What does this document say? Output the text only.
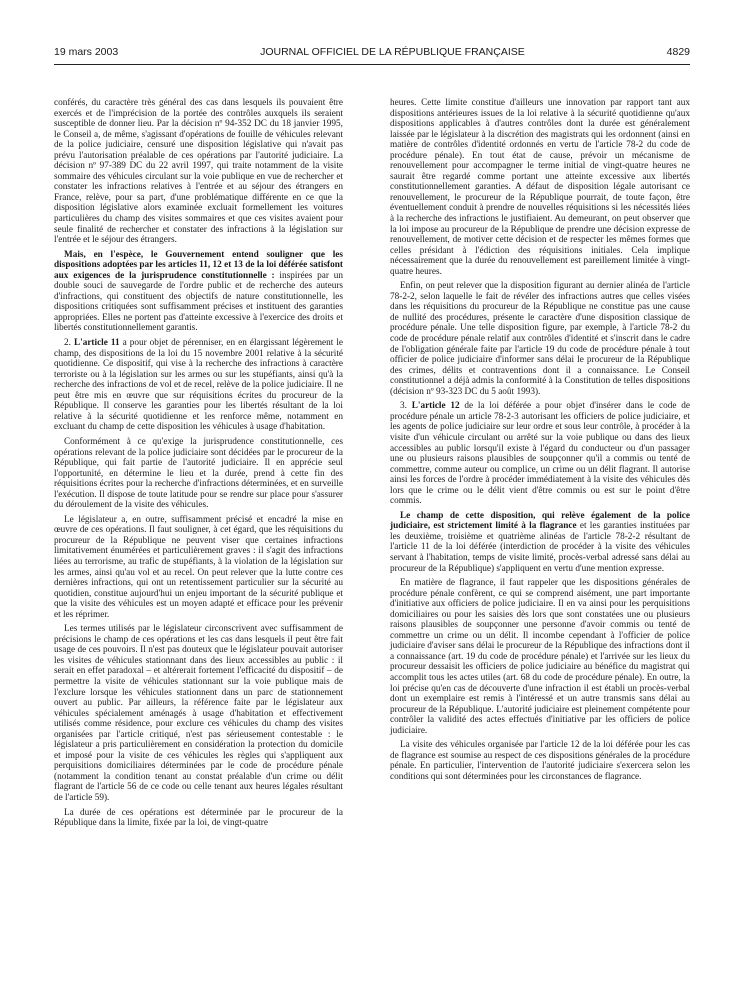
19 mars 2003	JOURNAL OFFICIEL DE LA RÉPUBLIQUE FRANÇAISE	4829

conférés, du caractère très général des cas dans lesquels ils pouvaient être exercés et de l'imprécision de la portée des contrôles auxquels ils seraient susceptible de donner lieu. Par la décision nº 94-352 DC du 18 janvier 1995, le Conseil a, de même, s'agissant d'opérations de fouille de véhicules relevant de la police judiciaire, censuré une disposition législative qui n'avait pas prévu l'autorisation préalable de ces opérations par l'autorité judiciaire. La décision nº 97-389 DC du 22 avril 1997, qui traite notamment de la visite sommaire des véhicules circulant sur la voie publique en vue de rechercher et constater les infractions relatives à l'entrée et au séjour des étrangers en France, relève, pour sa part, d'une problématique différente en ce que la disposition législative alors examinée excluait formellement les voitures particulières du champ des visites sommaires et que ces visites avaient pour seule finalité de rechercher et constater des infractions à la législation sur l'entrée et le séjour des étrangers.

Mais, en l'espèce, le Gouvernement entend souligner que les dispositions adoptées par les articles 11, 12 et 13 de la loi déférée satisfont aux exigences de la jurisprudence constitutionnelle : inspirées par un double souci de sauvegarde de l'ordre public et de recherche des auteurs d'infractions, qui constituent des objectifs de nature constitutionnelle, les dispositions critiquées sont suffisamment précises et instituent des garanties appropriées. Elles ne portent pas d'atteinte excessive à l'exercice des droits et libertés constitutionnellement garantis.

2. L'article 11 a pour objet de pérenniser, en en élargissant légèrement le champ, des dispositions de la loi du 15 novembre 2001 relative à la sécurité quotidienne. Ce dispositif, qui vise à la recherche des infractions à caractère terroriste ou à la législation sur les armes ou sur les stupéfiants, ainsi qu'à la recherche des infractions de vol et de recel, relève de la police judiciaire. Il ne peut être mis en œuvre que sur réquisitions écrites du procureur de la République. Il conserve les garanties pour les libertés résultant de la loi relative à la sécurité quotidienne et les renforce même, notamment en excluant du champ de cette disposition les véhicules à usage d'habitation.

Conformément à ce qu'exige la jurisprudence constitutionnelle, ces opérations relevant de la police judiciaire sont décidées par le procureur de la République, qui fait partie de l'autorité judiciaire. Il en apprécie seul l'opportunité, en détermine le lieu et la durée, prend à cette fin des réquisitions écrites pour la recherche d'infractions déterminées, et en surveille l'exécution. Il dispose de toute latitude pour se rendre sur place pour s'assurer du déroulement de la visite des véhicules.

Le législateur a, en outre, suffisamment précisé et encadré la mise en œuvre de ces opérations. Il faut souligner, à cet égard, que les réquisitions du procureur de la République ne peuvent viser que certaines infractions limitativement énumérées et particulièrement graves : il s'agit des infractions liées au terrorisme, au trafic de stupéfiants, à la violation de la législation sur les armes, ainsi qu'au vol et au recel. On peut relever que la lutte contre ces dernières infractions, qui ont un retentissement particulier sur la sécurité au quotidien, constitue aujourd'hui un enjeu important de la sécurité publique et que la visite des véhicules est un moyen adapté et efficace pour les prévenir et les réprimer.

Les termes utilisés par le législateur circonscrivent avec suffisamment de précisions le champ de ces opérations et les cas dans lesquels il peut être fait usage de ces pouvoirs. Il n'est pas douteux que le législateur pouvait autoriser les visites de véhicules stationnant dans des lieux accessibles au public : il serait en effet paradoxal – et altérerait fortement l'efficacité du dispositif – de permettre la visite de véhicules stationnant sur la voie publique mais de l'exclure lorsque les véhicules stationnent dans un parc de stationnement ouvert au public. Par ailleurs, la référence faite par le législateur aux véhicules spécialement aménagés à usage d'habitation et effectivement utilisés comme résidence, pour exclure ces véhicules du champ des visites organisées par l'article critiqué, n'est pas sérieusement contestable : le législateur a pris particulièrement en considération la protection du domicile et imposé pour la visite de ces véhicules les règles qui s'appliquent aux perquisitions domiciliaires déterminées par le code de procédure pénale (notamment la condition tenant au constat préalable d'un crime ou délit flagrant de l'article 56 de ce code ou celle tenant aux heures légales résultant de l'article 59).

La durée de ces opérations est déterminée par le procureur de la République dans la limite, fixée par la loi, de vingt-quatre

heures. Cette limite constitue d'ailleurs une innovation par rapport tant aux dispositions antérieures issues de la loi relative à la sécurité quotidienne qu'aux dispositions applicables à d'autres contrôles dont la durée est généralement laissée par le législateur à la discrétion des magistrats qui les ordonnent (ainsi en matière de contrôles d'identité ordonnés en vertu de l'article 78-2 du code de procédure pénale). En tout état de cause, prévoir un mécanisme de renouvellement pour accompagner le terme initial de vingt-quatre heures ne saurait être regardé comme portant une atteinte excessive aux libertés constitutionnellement garanties. A défaut de disposition légale autorisant ce renouvellement, le procureur de la République pourrait, de toute façon, être éventuellement conduit à prendre de nouvelles réquisitions si les nécessités liées à la recherche des infractions le justifiaient. Au demeurant, on peut observer que la loi impose au procureur de la République de prendre une décision expresse de renouvellement, de motiver cette décision et de respecter les mêmes formes que celles présidant à l'édiction des réquisitions initiales. Cela implique nécessairement que la durée du renouvellement est pareillement limitée à vingt-quatre heures.

Enfin, on peut relever que la disposition figurant au dernier alinéa de l'article 78-2-2, selon laquelle le fait de révéler des infractions autres que celles visées dans les réquisitions du procureur de la République ne constitue pas une cause de nullité des procédures, présente le caractère d'une disposition classique de procédure pénale. Une telle disposition figure, par exemple, à l'article 78-2 du code de procédure pénale relatif aux contrôles d'identité et s'inscrit dans le cadre de l'obligation générale faite par l'article 19 du code de procédure pénale à tout officier de police judiciaire d'informer sans délai le procureur de la République des crimes, délits et contraventions dont il a connaissance. Le Conseil constitutionnel a déjà admis la conformité à la Constitution de telles dispositions (décision nº 93-323 DC du 5 août 1993).

3. L'article 12 de la loi déférée a pour objet d'insérer dans le code de procédure pénale un article 78-2-3 autorisant les officiers de police judiciaire, et les agents de police judiciaire sur leur ordre et sous leur contrôle, à procéder à la visite d'un véhicule circulant ou arrêté sur la voie publique ou dans des lieux accessibles au public lorsqu'il existe à l'égard du conducteur ou d'un passager une ou plusieurs raisons plausibles de soupçonner qu'il a commis ou tenté de commettre, comme auteur ou complice, un crime ou un délit flagrant. Il autorise ainsi les forces de l'ordre à procéder immédiatement à la visite des véhicules dès lors que le crime ou le délit vient d'être commis ou est sur le point d'être commis.

Le champ de cette disposition, qui relève également de la police judiciaire, est strictement limité à la flagrance et les garanties instituées par les deuxième, troisième et quatrième alinéas de l'article 78-2-2 résultant de l'article 11 de la loi déférée (interdiction de procéder à la visite des véhicules servant à l'habitation, temps de visite limité, procès-verbal adressé sans délai au procureur de la République) s'appliquent en vertu d'une mention expresse.

En matière de flagrance, il faut rappeler que les dispositions générales de procédure pénale confèrent, ce qui se comprend aisément, une part importante d'initiative aux officiers de police judiciaire. Il en va ainsi pour les perquisitions domiciliaires ou pour les saisies dès lors que sont constatées une ou plusieurs raisons plausibles de soupçonner une personne d'avoir commis ou tenté de commettre un crime ou un délit. Il incombe cependant à l'officier de police judiciaire d'aviser sans délai le procureur de la République des infractions dont il a connaissance (art. 19 du code de procédure pénale) et l'arrivée sur les lieux du procureur dessaisit les officiers de police judiciaire au bénéfice du magistrat qui accomplit tous les actes utiles (art. 68 du code de procédure pénale). En outre, la loi précise qu'en cas de découverte d'une infraction il est établi un procès-verbal dont un exemplaire est remis à l'intéressé et un autre transmis sans délai au procureur de la République. L'autorité judiciaire est pleinement compétente pour contrôler la validité des actes effectués d'initiative par les officiers de police judiciaire.

La visite des véhicules organisée par l'article 12 de la loi déférée pour les cas de flagrance est soumise au respect de ces dispositions générales de la procédure pénale. En particulier, l'intervention de l'autorité judiciaire s'exercera selon les conditions qui sont déterminées pour les circonstances de flagrance.
